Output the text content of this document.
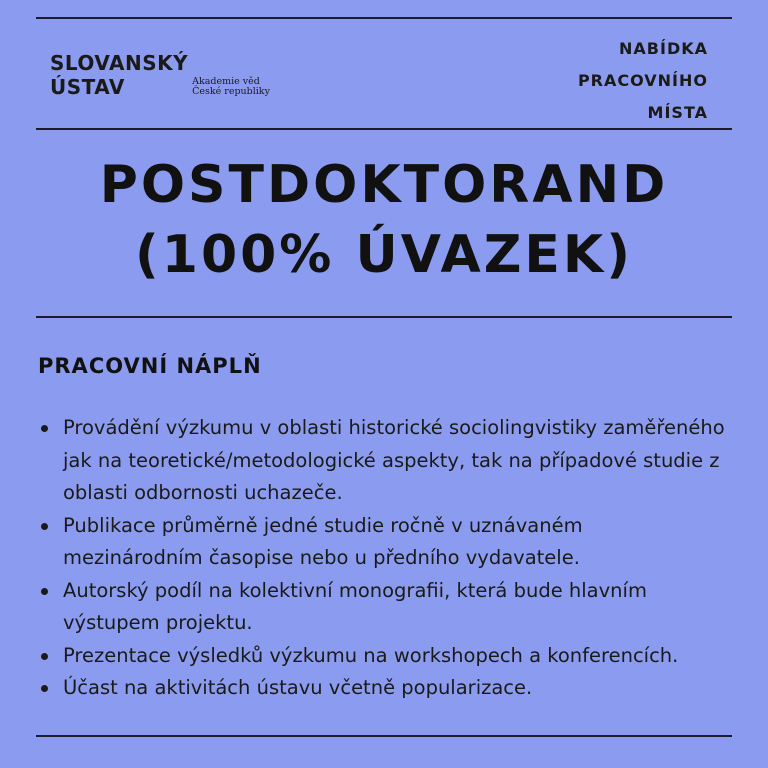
SLOVANSKÝ
ÚSTAV	Akademie věd
České republiky
NABÍDKA
PRACOVNÍHO
MÍSTA
POSTDOKTORAND
(100% ÚVAZEK)
PRACOVNÍ NÁPLŇ
Provádění výzkumu v oblasti historické sociolingvistiky zaměřeného jak na teoretické/metodologické aspekty, tak na případové studie z oblasti odbornosti uchazeče.
Publikace průměrně jedné studie ročně v uznávaném mezinárodním časopise nebo u předního vydavatele.
Autorský podíl na kolektivní monografii, která bude hlavním výstupem projektu.
Prezentace výsledků výzkumu na workshopech a konferencích.
Účast na aktivitách ústavu včetně popularizace.
